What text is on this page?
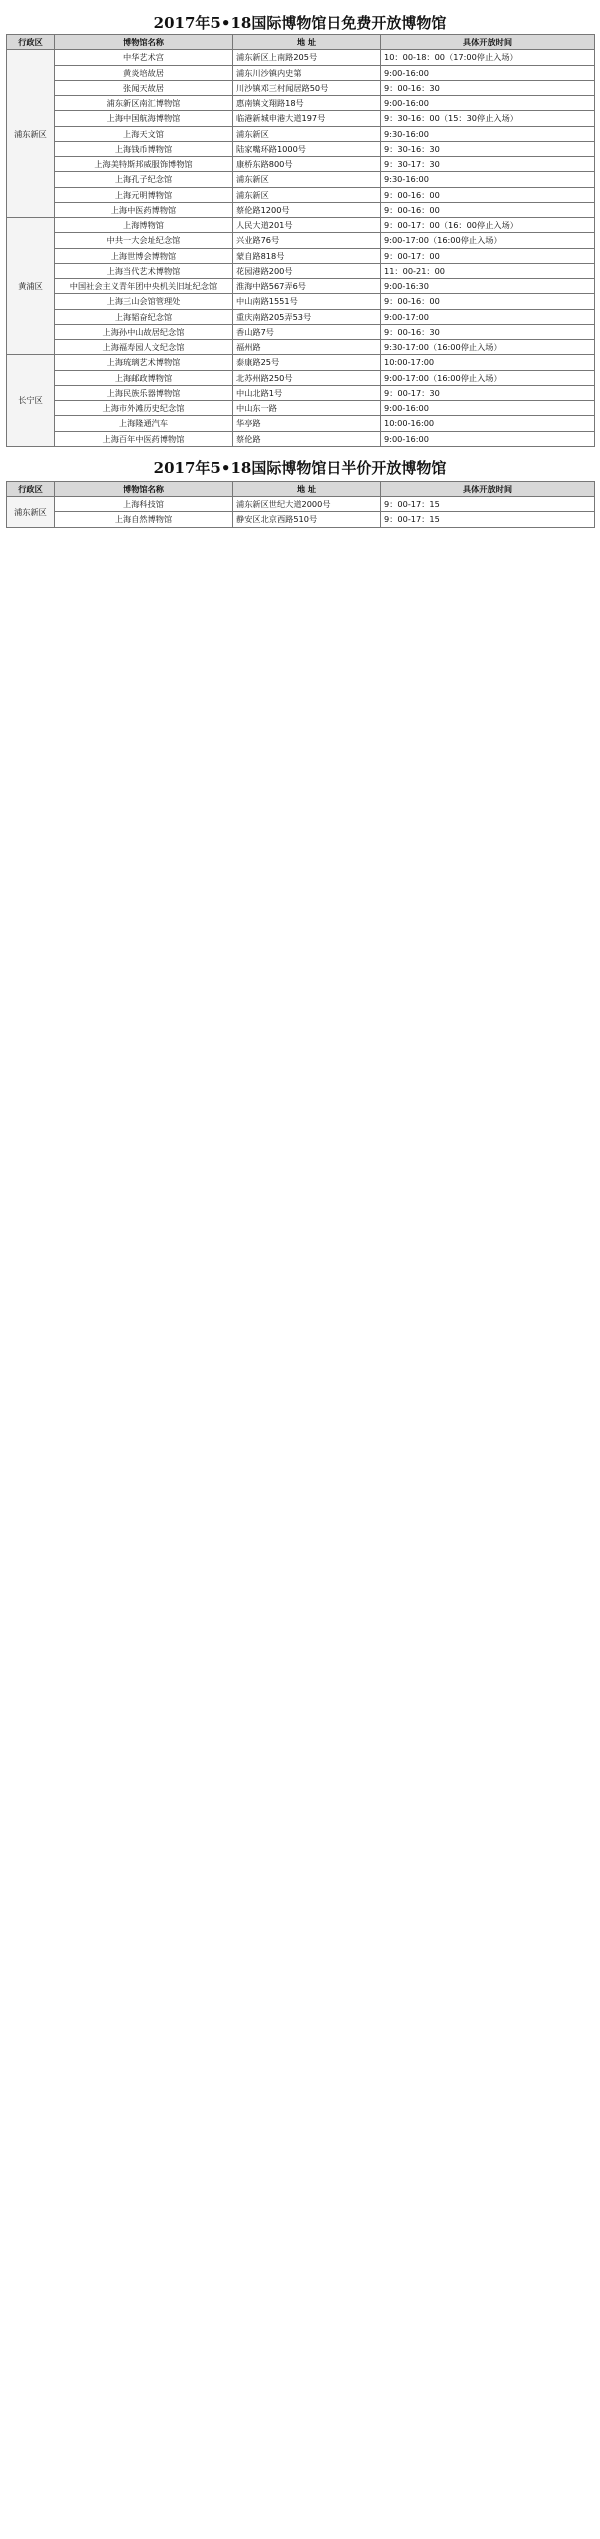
2017年5•18国际博物馆日免费开放博物馆
行政区	博物馆名称	地 址	具体开放时间
浦东新区	中华艺术宫	浦东新区上南路205号	10：00-18：00（17:00停止入场）
	黄炎培故居	浦东川沙镇内史第	9:00-16:00
	张闻天故居	川沙镇邓三村闻居路50号	9：00-16：30
	浦东新区南汇博物馆	惠南镇文翔路18号	9:00-16:00
	上海中国航海博物馆	临港新城申港大道197号	9：30-16：00（15：30停止入场）
	上海天文馆	浦东新区	9:30-16:00
	上海钱币博物馆	陆家嘴环路1000号	9：30-16：30
	上海美特斯邦威服饰博物馆	康桥东路800号	9：30-17：30
	上海孔子纪念馆	浦东新区	9:30-16:00
	上海元明博物馆	浦东新区	9：00-16：00
	上海中医药博物馆	蔡伦路1200号	9：00-16：00
黄浦区	上海博物馆	人民大道201号	9：00-17：00（16：00停止入场）
	中共一大会址纪念馆	兴业路76号	9:00-17:00（16:00停止入场）
	上海世博会博物馆	蒙自路818号	9：00-17：00
	上海当代艺术博物馆	花园港路200号	11：00-21：00
	中国社会主义青年团中央机关旧址纪念馆	淮海中路567弄6号	9:00-16:30
	上海三山会馆管理处	中山南路1551号	9：00-16：00
	上海韬奋纪念馆	重庆南路205弄53号	9:00-17:00
	上海孙中山故居纪念馆	香山路7号	9：00-16：30
	上海福寿园人文纪念馆	福州路	9:30-17:00（16:00停止入场）
长宁区	上海琉璃艺术博物馆	泰康路25号	10:00-17:00
	上海邮政博物馆	北苏州路250号	9:00-17:00（16:00停止入场）
	上海民族乐器博物馆	中山北路1号	9：00-17：30
	上海市外滩历史纪念馆	中山东一路	9:00-16:00
	上海隆通汽车	华亭路	10:00-16:00
	上海百年中医药博物馆	蔡伦路	9:00-16:00
2017年5•18国际博物馆日半价开放博物馆
行政区	博物馆名称	地 址	具体开放时间
浦东新区	上海科技馆	浦东新区世纪大道2000号	9：00-17：15
	上海自然博物馆	静安区北京西路510号	9：00-17：15
